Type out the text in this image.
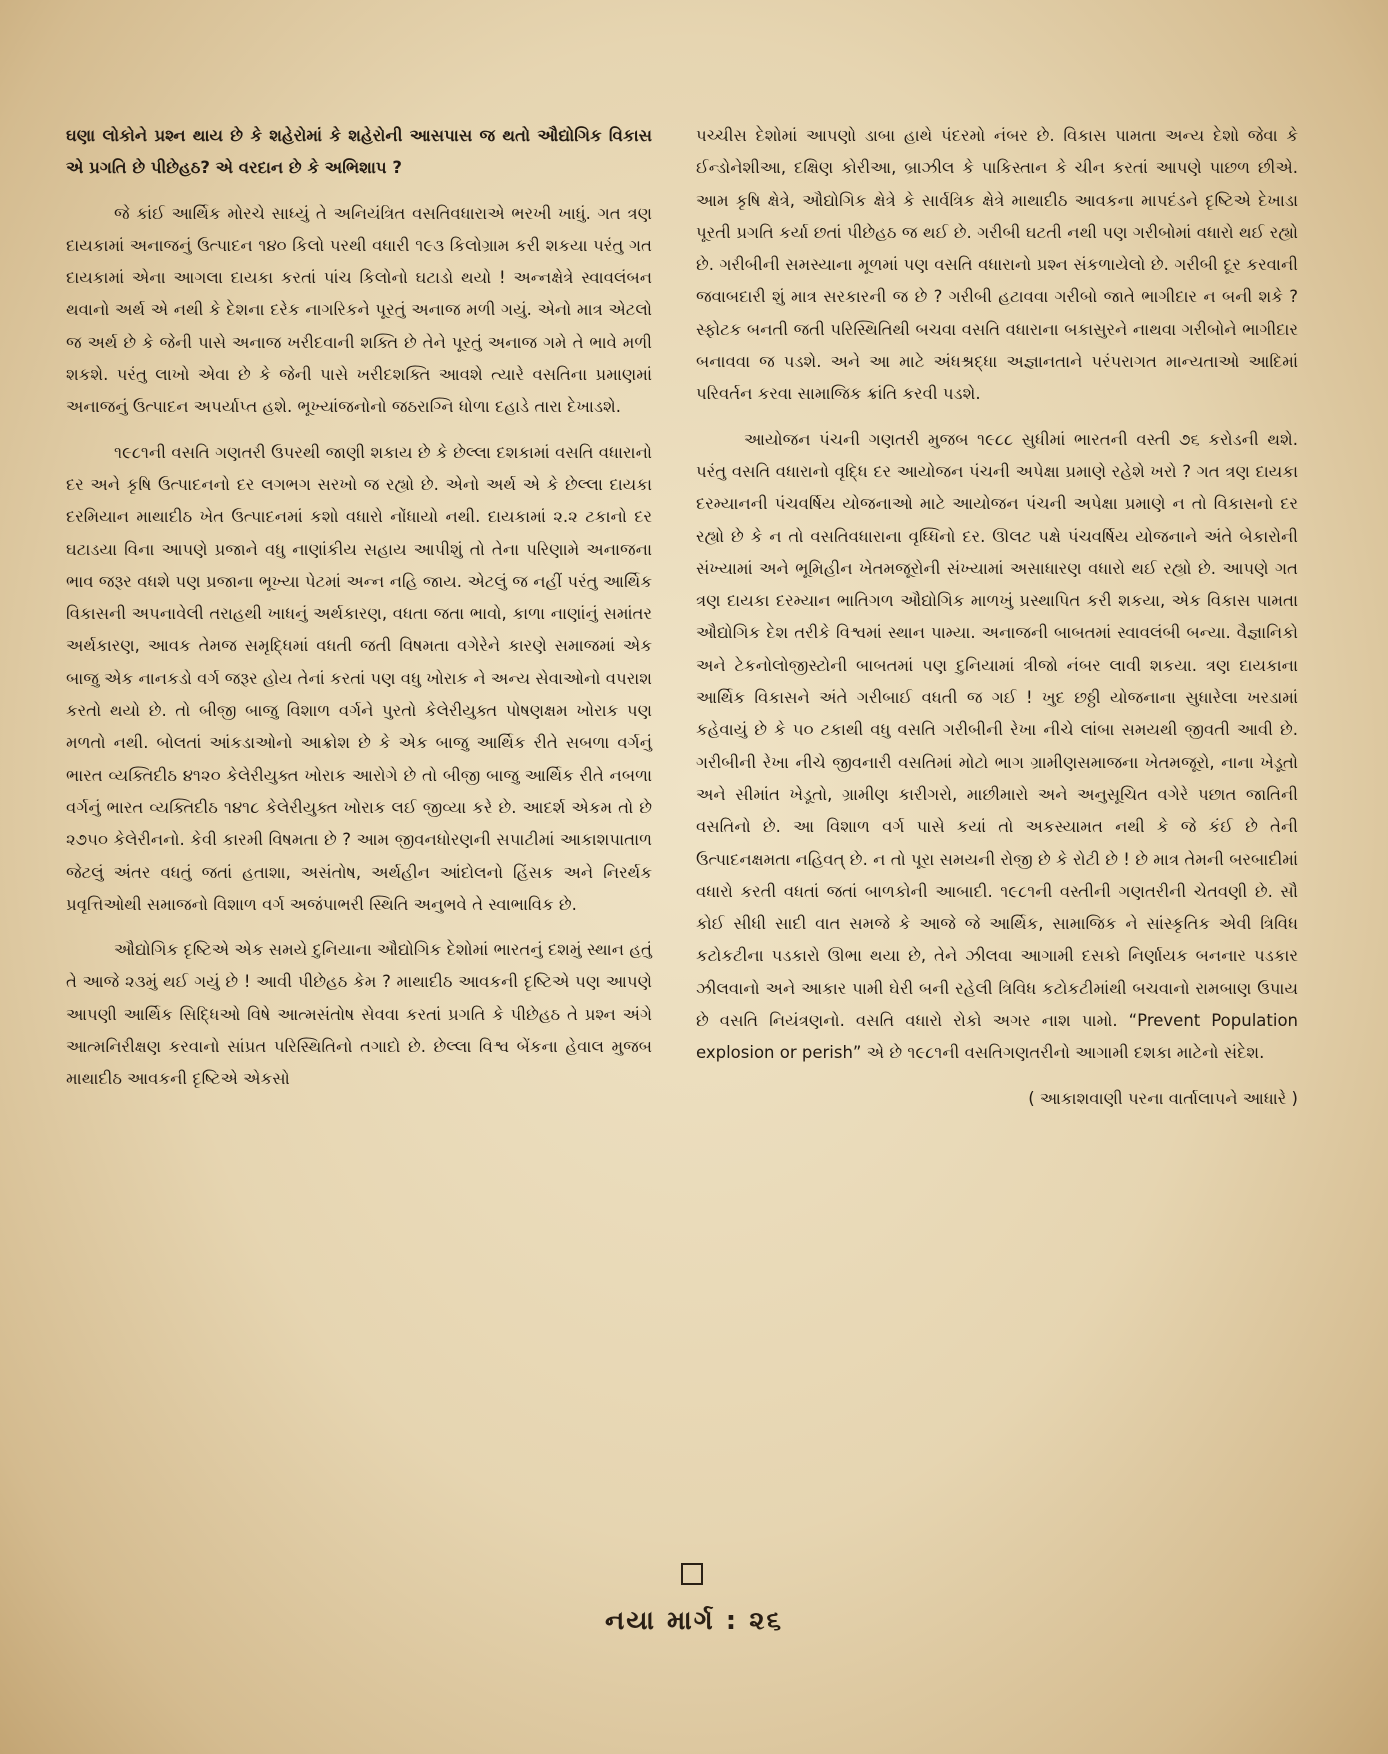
ઘણા લોકોને પ્રશ્ન થાય છે કે શહેરોમાં કે શહેરોની આસપાસ જ થતો ઔદ્યોગિક વિકાસ એ પ્રગતિ છે પીછેહઠ? એ વરદાન છે કે અભિશાપ ?

જે કાંઈ આર્થિક મોરચે સાધ્યું તે અનિયંત્રિત વસતિવધારાએ ભરખી ખાધું. ગત ત્રણ દાયકામાં અનાજનું ઉત્પાદન ૧૪૦ કિલો પરથી વધારી ૧૯૩ કિલોગ્રામ કરી શકયા પરંતુ ગત દાયકામાં એના આગલા દાયકા કરતાં પાંચ કિલોનો ઘટાડો થયો ! અન્નક્ષેત્રે સ્વાવલંબન થવાનો અર્થ એ નથી કે દેશના દરેક નાગરિકને પૂરતું અનાજ મળી ગયું. એનો માત્ર એટલો જ અર્થ છે કે જેની પાસે અનાજ ખરીદવાની શક્તિ છે તેને પૂરતું અનાજ ગમે તે ભાવે મળી શકશે. પરંતુ લાખો એવા છે કે જેની પાસે ખરીદશક્તિ આવશે ત્યારે વસતિના પ્રમાણમાં અનાજનું ઉત્પાદન અપર્યાપ્ત હશે. ભૂખ્યાંજનોનો જઠરાગ્નિ ધોળા દહાડે તારા દેખાડશે.

૧૯૮૧ની વસતિ ગણતરી ઉપરથી જાણી શકાય છે કે છેલ્લા દશકામાં વસતિ વધારાનો દર અને કૃષિ ઉત્પાદનનો દર લગભગ સરખો જ રહ્યો છે. એનો અર્થ એ કે છેલ્લા દાયકા દરમિયાન માથાદીઠ ખેત ઉત્પાદનમાં કશો વધારો નોંધાયો નથી. દાયકામાં ૨.૨ ટકાનો દર ઘટાડયા વિના આપણે પ્રજાને વધુ નાણાંકીય સહાય આપીશું તો તેના પરિણામે અનાજના ભાવ જરૂર વધશે પણ પ્રજાના ભૂખ્યા પેટમાં અન્ન નહિ જાય. એટલું જ નહીં પરંતુ આર્થિક વિકાસની અપનાવેલી તરાહથી ખાધનું અર્થકારણ, વધતા જતા ભાવો, કાળા નાણાંનું સમાંતર અર્થકારણ, આવક તેમજ સમૃદ્ધિમાં વધતી જતી વિષમતા વગેરેને કારણે સમાજમાં એક બાજુ એક નાનકડો વર્ગ જરૂર હોય તેનાં કરતાં પણ વધુ ખોરાક ને અન્ય સેવાઓનો વપરાશ કરતો થયો છે. તો બીજી બાજુ વિશાળ વર્ગને પુરતો કેલેરીયુક્ત પોષણક્ષમ ખોરાક પણ મળતો નથી. બોલતાં આંકડાઓનો આક્રોશ છે કે એક બાજુ આર્થિક રીતે સબળા વર્ગનું ભારત વ્યક્તિદીઠ ૪૧૨૦ કેલેરીયુક્ત ખોરાક આરોગે છે તો બીજી બાજુ આર્થિક રીતે નબળા વર્ગનું ભારત વ્યક્તિદીઠ ૧૪૧૮ કેલેરીયુક્ત ખોરાક લઈ જીવ્યા કરે છે. આદર્શ એકમ તો છે ૨૭૫૦ કેલેરીનનો. કેવી કારમી વિષમતા છે ? આમ જીવનધોરણની સપાટીમાં આકાશપાતાળ જેટલું અંતર વધતું જતાં હતાશા, અસંતોષ, અર્થહીન આંદોલનો હિંસક અને નિરર્થક પ્રવૃત્તિઓથી સમાજનો વિશાળ વર્ગ અજંપાભરી સ્થિતિ અનુભવે તે સ્વાભાવિક છે.

ઔદ્યોગિક દૃષ્ટિએ એક સમયે દુનિયાના ઔદ્યોગિક દેશોમાં ભારતનું દશમું સ્થાન હતું તે આજે ૨૩મું થઈ ગયું છે ! આવી પીછેહઠ કેમ ? માથાદીઠ આવકની દૃષ્ટિએ પણ આપણે આપણી આર્થિક સિદ્ધિઓ વિષે આત્મસંતોષ સેવવા કરતાં પ્રગતિ કે પીછેહઠ તે પ્રશ્ન અંગે આત્મનિરીક્ષણ કરવાનો સાંપ્રત પરિસ્થિતિનો તગાદો છે. છેલ્લા વિશ્વ બેંકના હેવાલ મુજબ માથાદીઠ આવકની દૃષ્ટિએ એકસો

પચ્ચીસ દેશોમાં આપણો ડાબા હાથે પંદરમો નંબર છે. વિકાસ પામતા અન્ય દેશો જેવા કે ઈન્ડોનેશીઆ, દક્ષિણ કોરીઆ, બ્રાઝીલ કે પાકિસ્તાન કે ચીન કરતાં આપણે પાછળ છીએ. આમ કૃષિ ક્ષેત્રે, ઔદ્યોગિક ક્ષેત્રે કે સાર્વત્રિક ક્ષેત્રે માથાદીઠ આવકના માપદંડને દૃષ્ટિએ દેખાડા પૂરતી પ્રગતિ કર્યા છતાં પીછેહઠ જ થઈ છે. ગરીબી ઘટતી નથી પણ ગરીબોમાં વધારો થઈ રહ્યો છે. ગરીબીની સમસ્યાના મૂળમાં પણ વસતિ વધારાનો પ્રશ્ન સંકળાયેલો છે. ગરીબી દૂર કરવાની જવાબદારી શું માત્ર સરકારની જ છે ? ગરીબી હટાવવા ગરીબો જાતે ભાગીદાર ન બની શકે ? સ્ફોટક બનતી જતી પરિસ્થિતિથી બચવા વસતિ વધારાના બકાસુરને નાથવા ગરીબોને ભાગીદાર બનાવવા જ પડશે. અને આ માટે અંધશ્રદ્ધા અજ્ઞાનતાને પરંપરાગત માન્યતાઓ આદિમાં પરિવર્તન કરવા સામાજિક ક્રાંતિ કરવી પડશે.

આયોજન પંચની ગણતરી મુજબ ૧૯૮૮ સુધીમાં ભારતની વસ્તી ૭૬ કરોડની થશે. પરંતુ વસતિ વધારાનો વૃદ્ધિ દર આયોજન પંચની અપેક્ષા પ્રમાણે રહેશે ખરો ? ગત ત્રણ દાયકા દરમ્યાનની પંચવર્ષિય યોજનાઓ માટે આયોજન પંચની અપેક્ષા પ્રમાણે ન તો વિકાસનો દર રહ્યો છે કે ન તો વસતિવધારાના વૃધ્ધિનો દર. ઊલટ પક્ષે પંચવર્ષિય યોજનાને અંતે બેકારોની સંખ્યામાં અને ભૂમિહીન ખેતમજૂરોની સંખ્યામાં અસાધારણ વધારો થઈ રહ્યો છે. આપણે ગત ત્રણ દાયકા દરમ્યાન ભાતિગળ ઔદ્યોગિક માળખું પ્રસ્થાપિત કરી શકયા, એક વિકાસ પામતા ઔદ્યોગિક દેશ તરીકે વિશ્વમાં સ્થાન પામ્યા. અનાજની બાબતમાં સ્વાવલંબી બન્યા. વૈજ્ઞાનિકો અને ટેકનોલોજીસ્ટોની બાબતમાં પણ દુનિયામાં ત્રીજો નંબર લાવી શકયા. ત્રણ દાયકાના આર્થિક વિકાસને અંતે ગરીબાઈ વધતી જ ગઈ ! ખુદ છઠ્ઠી યોજનાના સુધારેલા ખરડામાં કહેવાયું છે કે ૫૦ ટકાથી વધુ વસતિ ગરીબીની રેખા નીચે લાંબા સમયથી જીવતી આવી છે. ગરીબીની રેખા નીચે જીવનારી વસતિમાં મોટો ભાગ ગ્રામીણસમાજના ખેતમજૂરો, નાના ખેડૂતો અને સીમાંત ખેડૂતો, ગ્રામીણ કારીગરો, માછીમારો અને અનુસૂચિત વગેરે પછાત જાતિની વસતિનો છે. આ વિશાળ વર્ગ પાસે કયાં તો અકસ્યામત નથી કે જે કંઈ છે તેની ઉત્પાદનક્ષમતા નહિવત્ છે. ન તો પૂરા સમયની રોજી છે કે રોટી છે ! છે માત્ર તેમની બરબાદીમાં વધારો કરતી વધતાં જતાં બાળકોની આબાદી. ૧૯૮૧ની વસ્તીની ગણતરીની ચેતવણી છે. સૌ કોઈ સીધી સાદી વાત સમજે કે આજે જે આર્થિક, સામાજિક ને સાંસ્કૃતિક એવી ત્રિવિધ કટોકટીના પડકારો ઊભા થયા છે, તેને ઝીલવા આગામી દસકો નિર્ણાયક બનનાર પડકાર ઝીલવાનો અને આકાર પામી ઘેરી બની રહેલી ત્રિવિધ કટોકટીમાંથી બચવાનો રામબાણ ઉપાય છે વસતિ નિયંત્રણનો. વસતિ વધારો રોકો અગર નાશ પામો. “Prevent Population explosion or perish” એ છે ૧૯૮૧ની વસતિગણતરીનો આગામી દશકા માટેનો સંદેશ.

( આકાશવાણી પરના વાર્તાલાપને આધારે )

નયા માર્ગ : ૨૬
